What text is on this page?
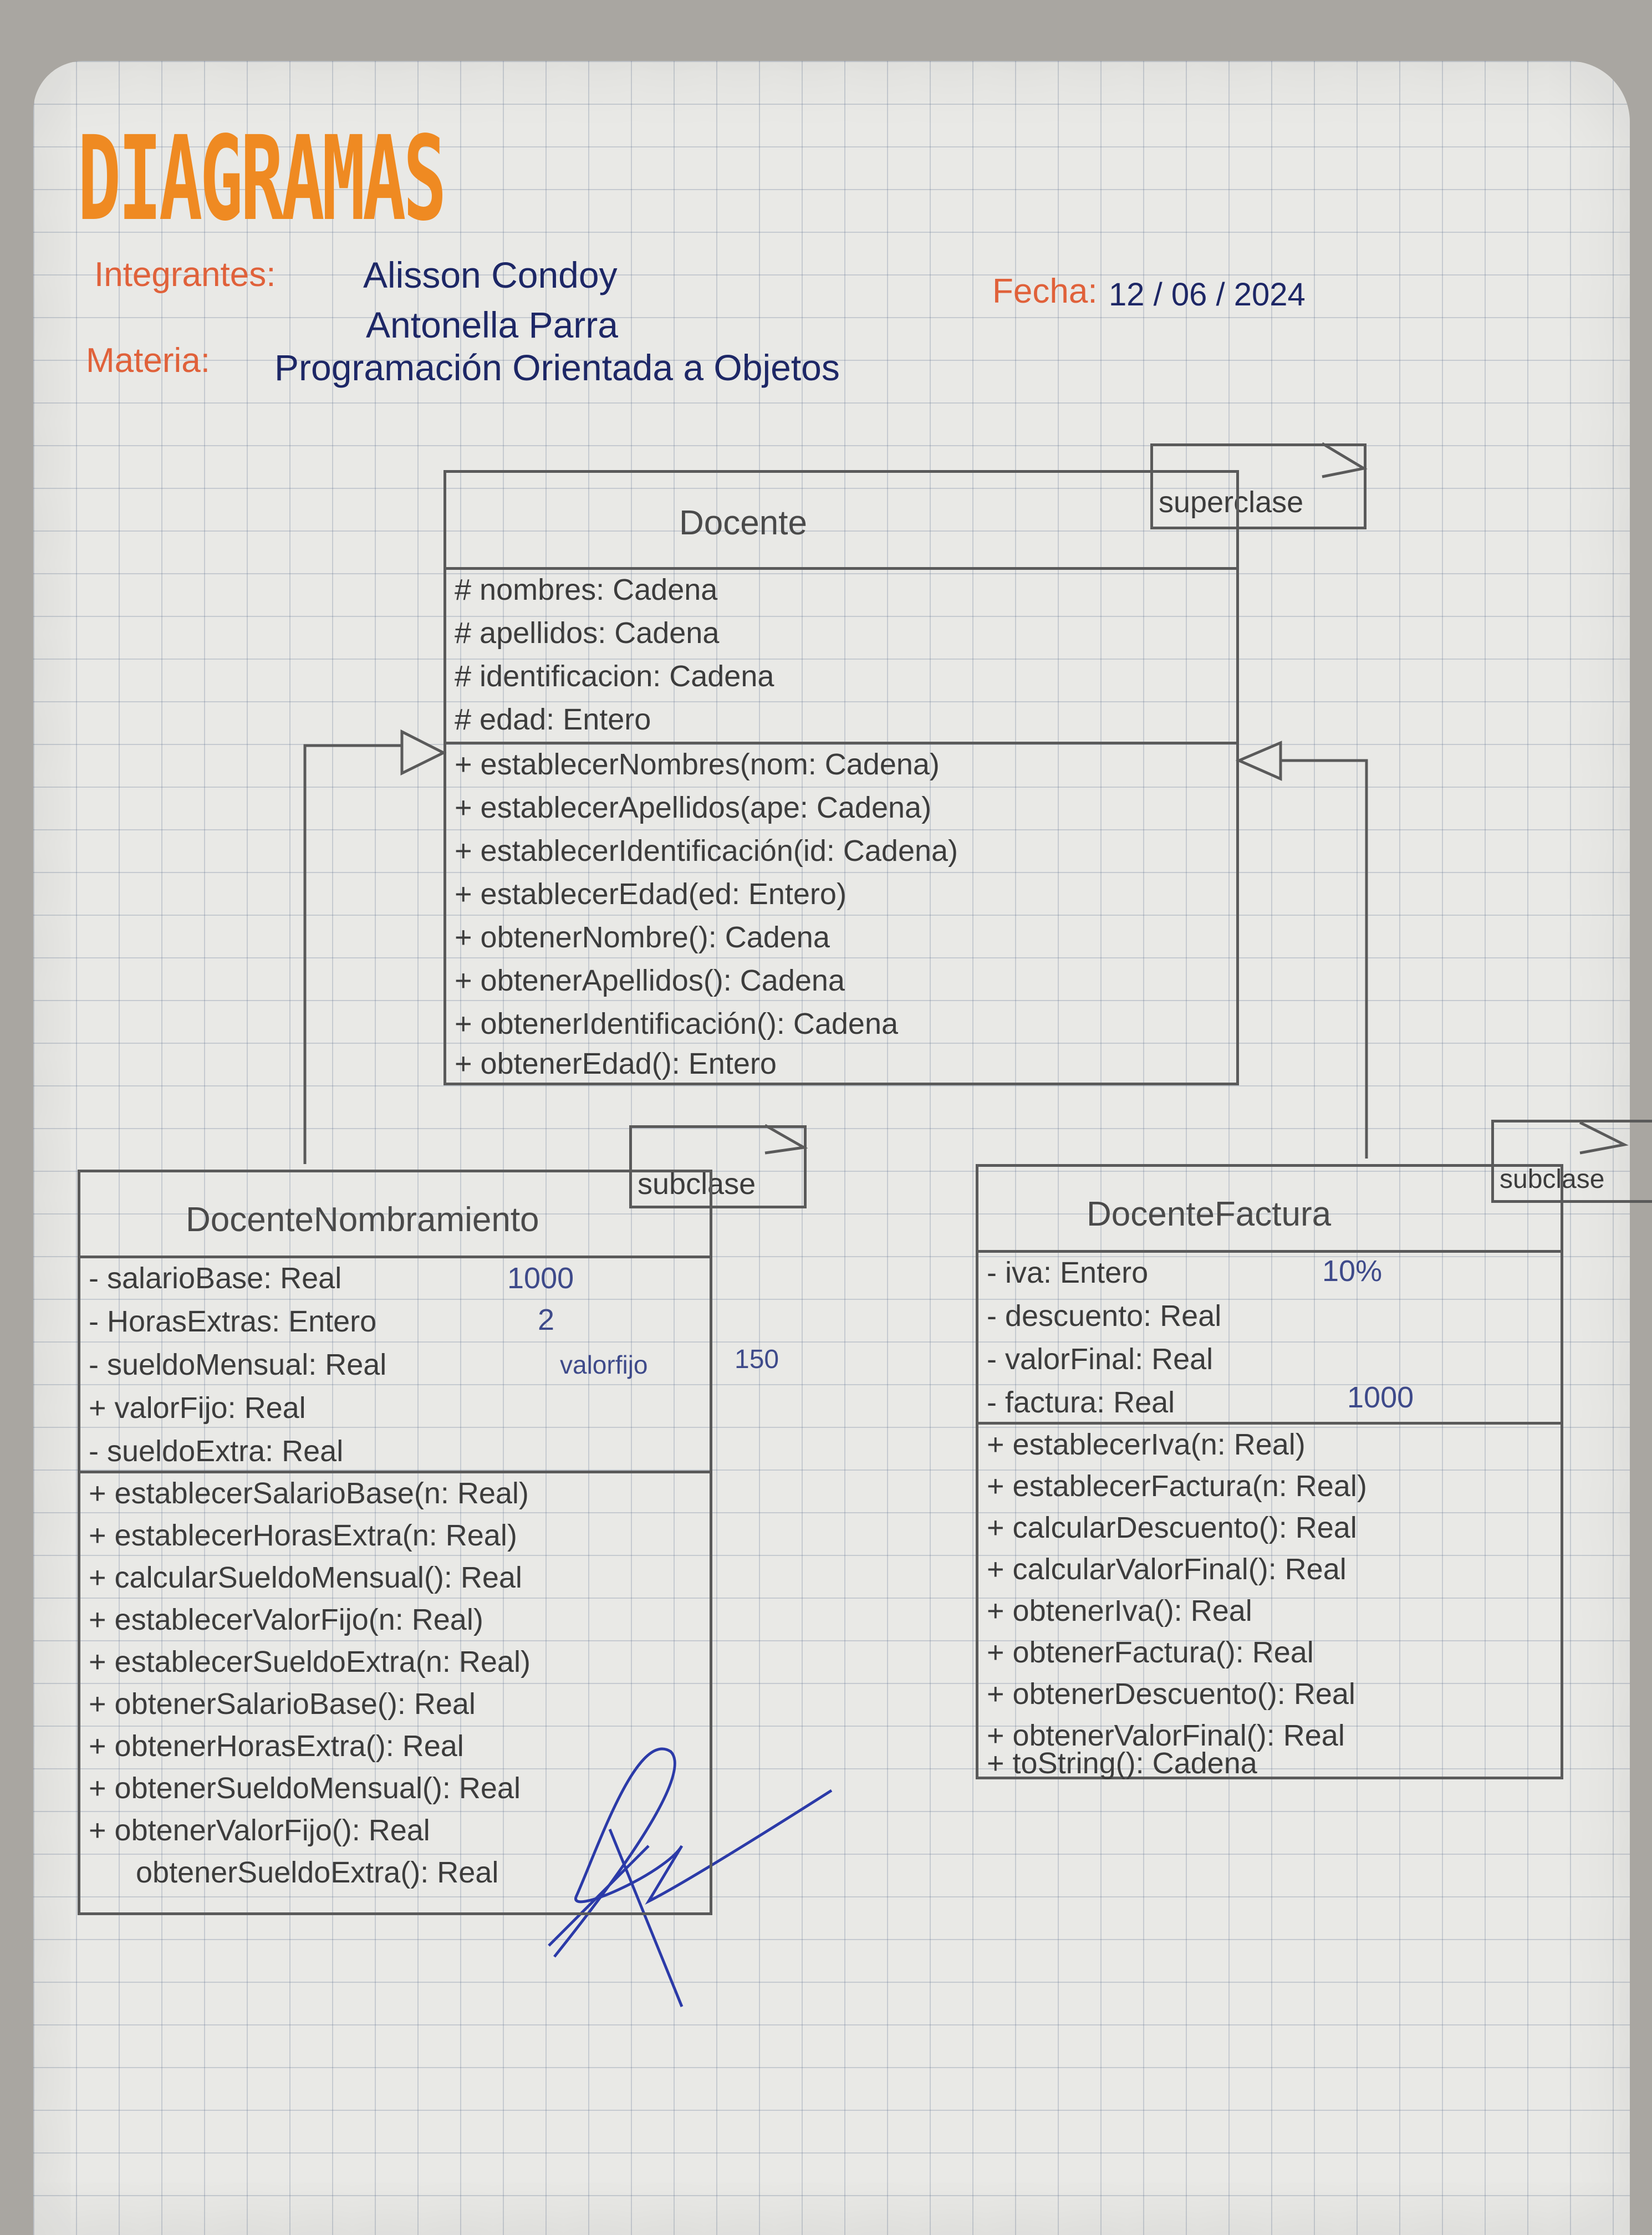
DIAGRAMAS
Integrantes: Alisson Condoy
Antonella Parra
Fecha: 12 / 06 / 2024
Materia: Programación Orientada a Objetos
superclase
Docente
# nombres: Cadena
# apellidos: Cadena
# identificacion: Cadena
# edad: Entero
+ establecerNombres(nom: Cadena)
+ establecerApellidos(ape: Cadena)
+ establecerIdentificación(id: Cadena)
+ establecerEdad(ed: Entero)
+ obtenerNombre(): Cadena
+ obtenerApellidos(): Cadena
+ obtenerIdentificación(): Cadena
+ obtenerEdad(): Entero
subclase
DocenteNombramiento
- salarioBase: Real
- HorasExtras: Entero
- sueldoMensual: Real
+ valorFijo: Real
- sueldoExtra: Real
+ establecerSalarioBase(n: Real)
+ establecerHorasExtra(n: Real)
+ calcularSueldoMensual(): Real
+ establecerValorFijo(n: Real)
+ establecerSueldoExtra(n: Real)
+ obtenerSalarioBase(): Real
+ obtenerHorasExtra(): Real
+ obtenerSueldoMensual(): Real
+ obtenerValorFijo(): Real
obtenerSueldoExtra(): Real
1000
2
valorfijo	150
subclase
DocenteFactura
- iva: Entero
- descuento: Real
- valorFinal: Real
- factura: Real
+ establecerIva(n: Real)
+ establecerFactura(n: Real)
+ calcularDescuento(): Real
+ calcularValorFinal(): Real
+ obtenerIva(): Real
+ obtenerFactura(): Real
+ obtenerDescuento(): Real
+ obtenerValorFinal(): Real
+ toString(): Cadena
10%
1000
